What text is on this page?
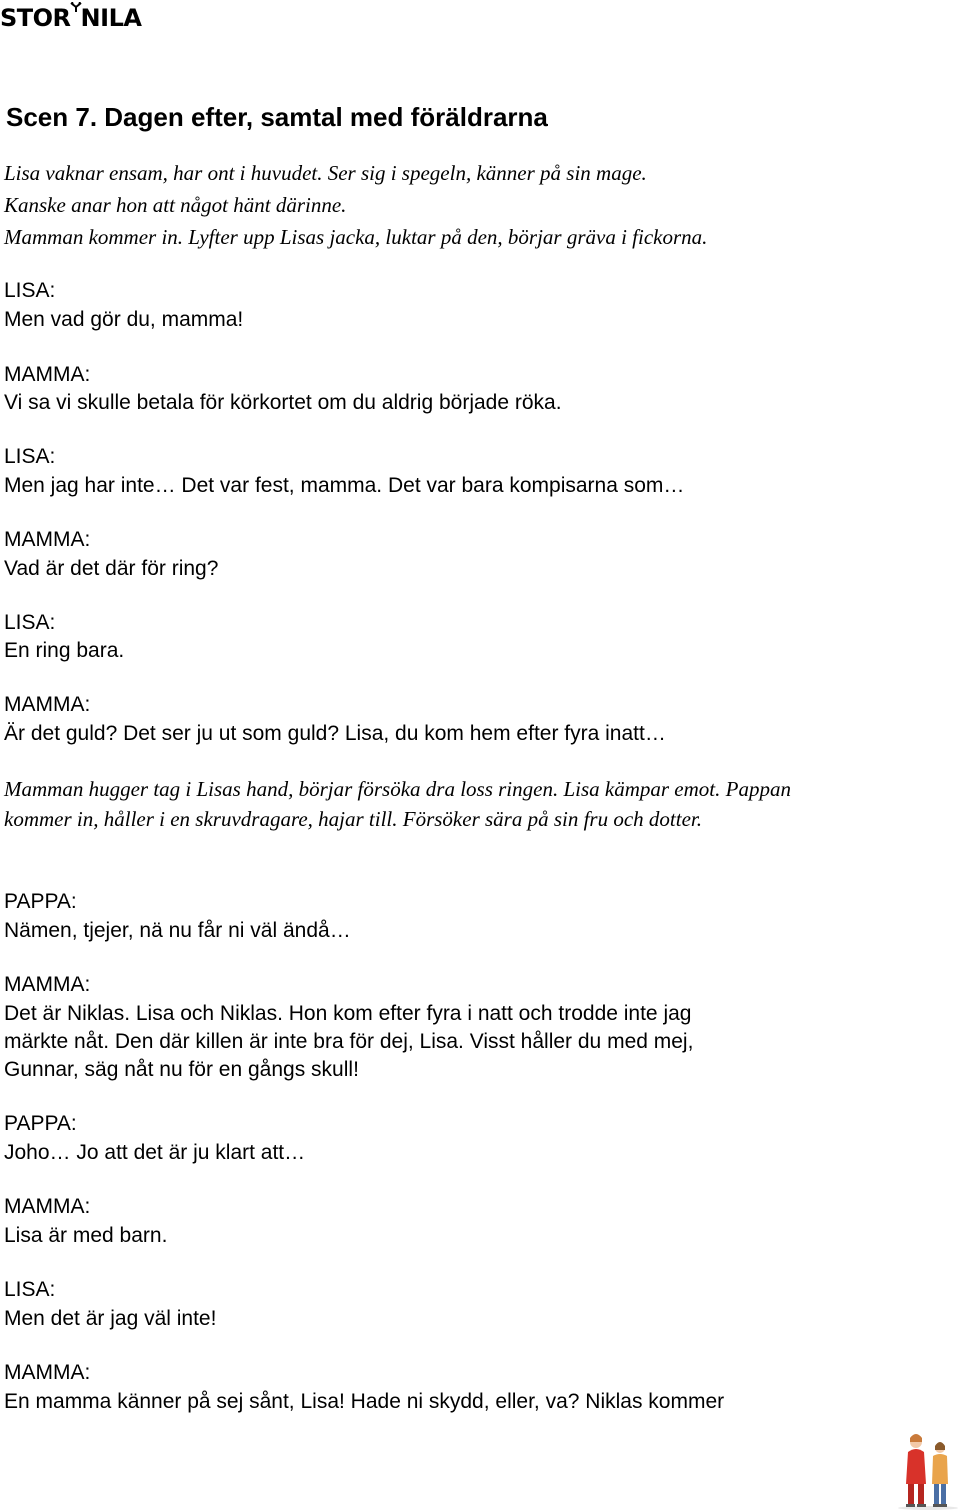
STOR NILA
Scen 7. Dagen efter, samtal med föräldrarna

Lisa vaknar ensam, har ont i huvudet. Ser sig i spegeln, känner på sin mage.

Kanske anar hon att något hänt därinne.

Mamman kommer in. Lyfter upp Lisas jacka, luktar på den, börjar gräva i fickorna.

LISA:

Men vad gör du, mamma!

MAMMA:

Vi sa vi skulle betala för körkortet om du aldrig började röka.

LISA:

Men jag har inte… Det var fest, mamma. Det var bara kompisarna som…

MAMMA:

Vad är det där för ring?

LISA:

En ring bara.

MAMMA:

Är det guld? Det ser ju ut som guld? Lisa, du kom hem efter fyra inatt…

Mamman hugger tag i Lisas hand, börjar försöka dra loss ringen. Lisa kämpar emot. Pappan

kommer in, håller i en skruvdragare, hajar till. Försöker sära på sin fru och dotter.

PAPPA:

Nämen, tjejer, nä nu får ni väl ändå…

MAMMA:

Det är Niklas. Lisa och Niklas. Hon kom efter fyra i natt och trodde inte jag

märkte nåt. Den där killen är inte bra för dej, Lisa. Visst håller du med mej,

Gunnar, säg nåt nu för en gångs skull!

PAPPA:

Joho… Jo att det är ju klart att…

MAMMA:

Lisa är med barn.

LISA:

Men det är jag väl inte!

MAMMA:

En mamma känner på sej sånt, Lisa! Hade ni skydd, eller, va? Niklas kommer
